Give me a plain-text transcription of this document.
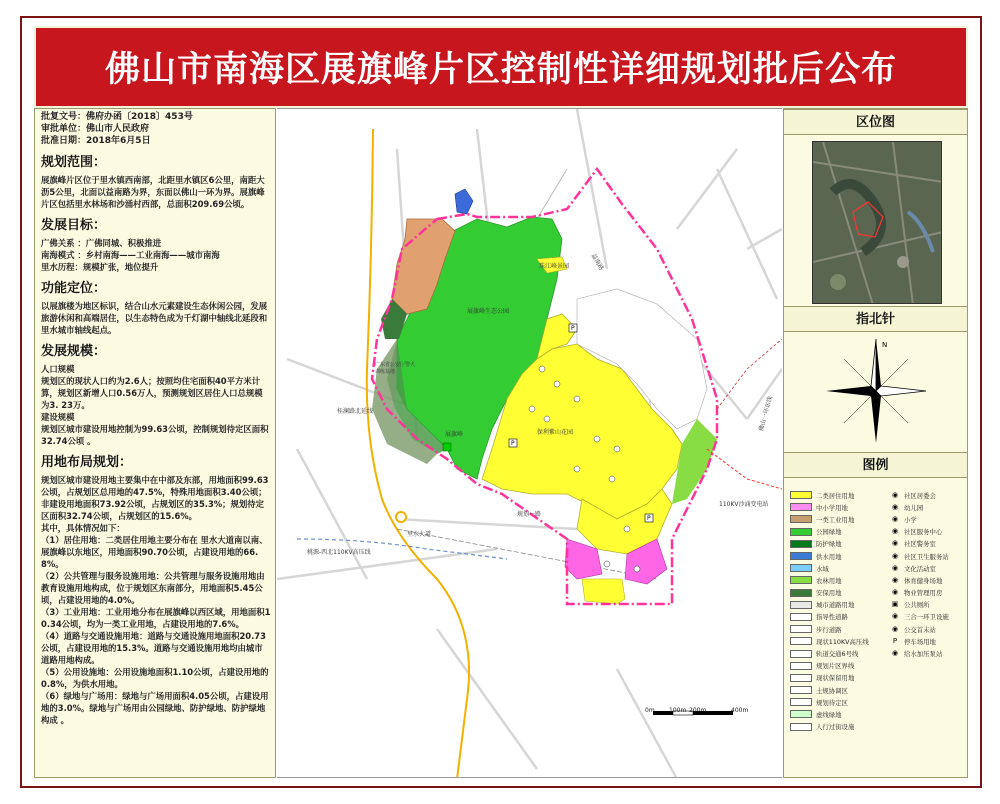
佛山市南海区展旗峰片区控制性详细规划批后公布
批复文号：佛府办函〔2018〕453号
审批单位：佛山市人民政府
批准日期：2018年6月5日
规划范围：
展旗峰片区位于里水镇西南部，北距里水镇区6公里，南距大沥5公里，北面以益南路为界，东面以佛山一环为界。展旗峰片区包括里水林场和沙涌村西部，总面积209.69公顷。
发展目标：

广佛关系 ：广佛同城、积极推进

南海模式 ：乡村南海——工业南海——城市南海

里水历程：规模扩张，地位提升

功能定位：
以展旗楼为地区标识，结合山水元素建设生态休闲公园，发展旅游休闲和高端居住，以生态特色成为千灯湖中轴线北延段和里水城市轴线起点。
发展规模：

人口规模

规划区的现状人口约为2.6人；按照均住宅面积40平方米计算，规划区新增人口0.56万人，预测规划区居住人口总规模为3. 23万。

建设规模

规划区城市建设用地控制为99.63公顷，控制规划待定区面积32.74公顷 。

用地布局规划：

规划区城市建设用地主要集中在中部及东部，用地面积99.63公顷，占规划区总用地的47.5%，特殊用地面积3.40公顷；非建设用地面积73.92公顷，占规划区的35.3%；规划待定区面积32.74公顷，占规划区的15.6%。

其中，具体情况如下：

（1）居住用地：二类居住用地主要分布在 里水大道南以南、展旗峰以东地区，用地面积90.70公顷，占建设用地的66.8%。

（2）公共管理与服务设施用地：公共管理与服务设施用地由教育设施用地构成，位于规划区东南部分，用地面积5.45公顷，占建设用地的4.0%。

（3）工业用地：工业用地分布在展旗峰以西区域，用地面积10.34公顷，均为一类工业用地，占建设用地的7.6%。

（4）道路与交通设施用地：道路与交通设施用地面积20.73公顷，占建设用地的15.3%。道路与交通设施用地均由城市道路用地构成。

（5）公用设施地：公用设施地面积1.10公顷，占建设用地的0.8%，为供水用地。

（6）绿地与广场用：绿地与广场用面积4.05公顷，占建设用地的3.0%。绿地与广场用由公园绿地、防护绿地、防护绿地构成 。

P
P
P
展旗峰生态公园
展旗峰	保利紫山花园
珠江峰景园
110KV沙涌变电站
桃源-西北110KV高压线
益南路
里水大道
桂澜路北延线	佛山一环东线
规划一路
广东省公安厅警犬训练基地
0m 100m 200m	400m
区位图
指北针
N
图例
二类居住用地
中小学用地
一类工业用地
公园绿地
防护绿地
供水用地
水域
农林用地
安保用地
城市道路用地
指导性道路
步行道路
现状110KV高压线
轨道交通6号线
规划片区界线
现状保留用地
土规协调区
规划待定区
虚线绿地
人行过街设施
◉ 社区居委会
◉ 幼儿园
◉ 小学
◉ 社区服务中心
◉ 社区警务室
◉ 社区卫生服务站
◉ 文化活动室
◉ 体育健身场地
◉ 物业管理用房
▣ 公共厕所
◉ 三合一环卫设施
◉ 公交首末站
P	停车场用地
◉ 给水加压泵站
